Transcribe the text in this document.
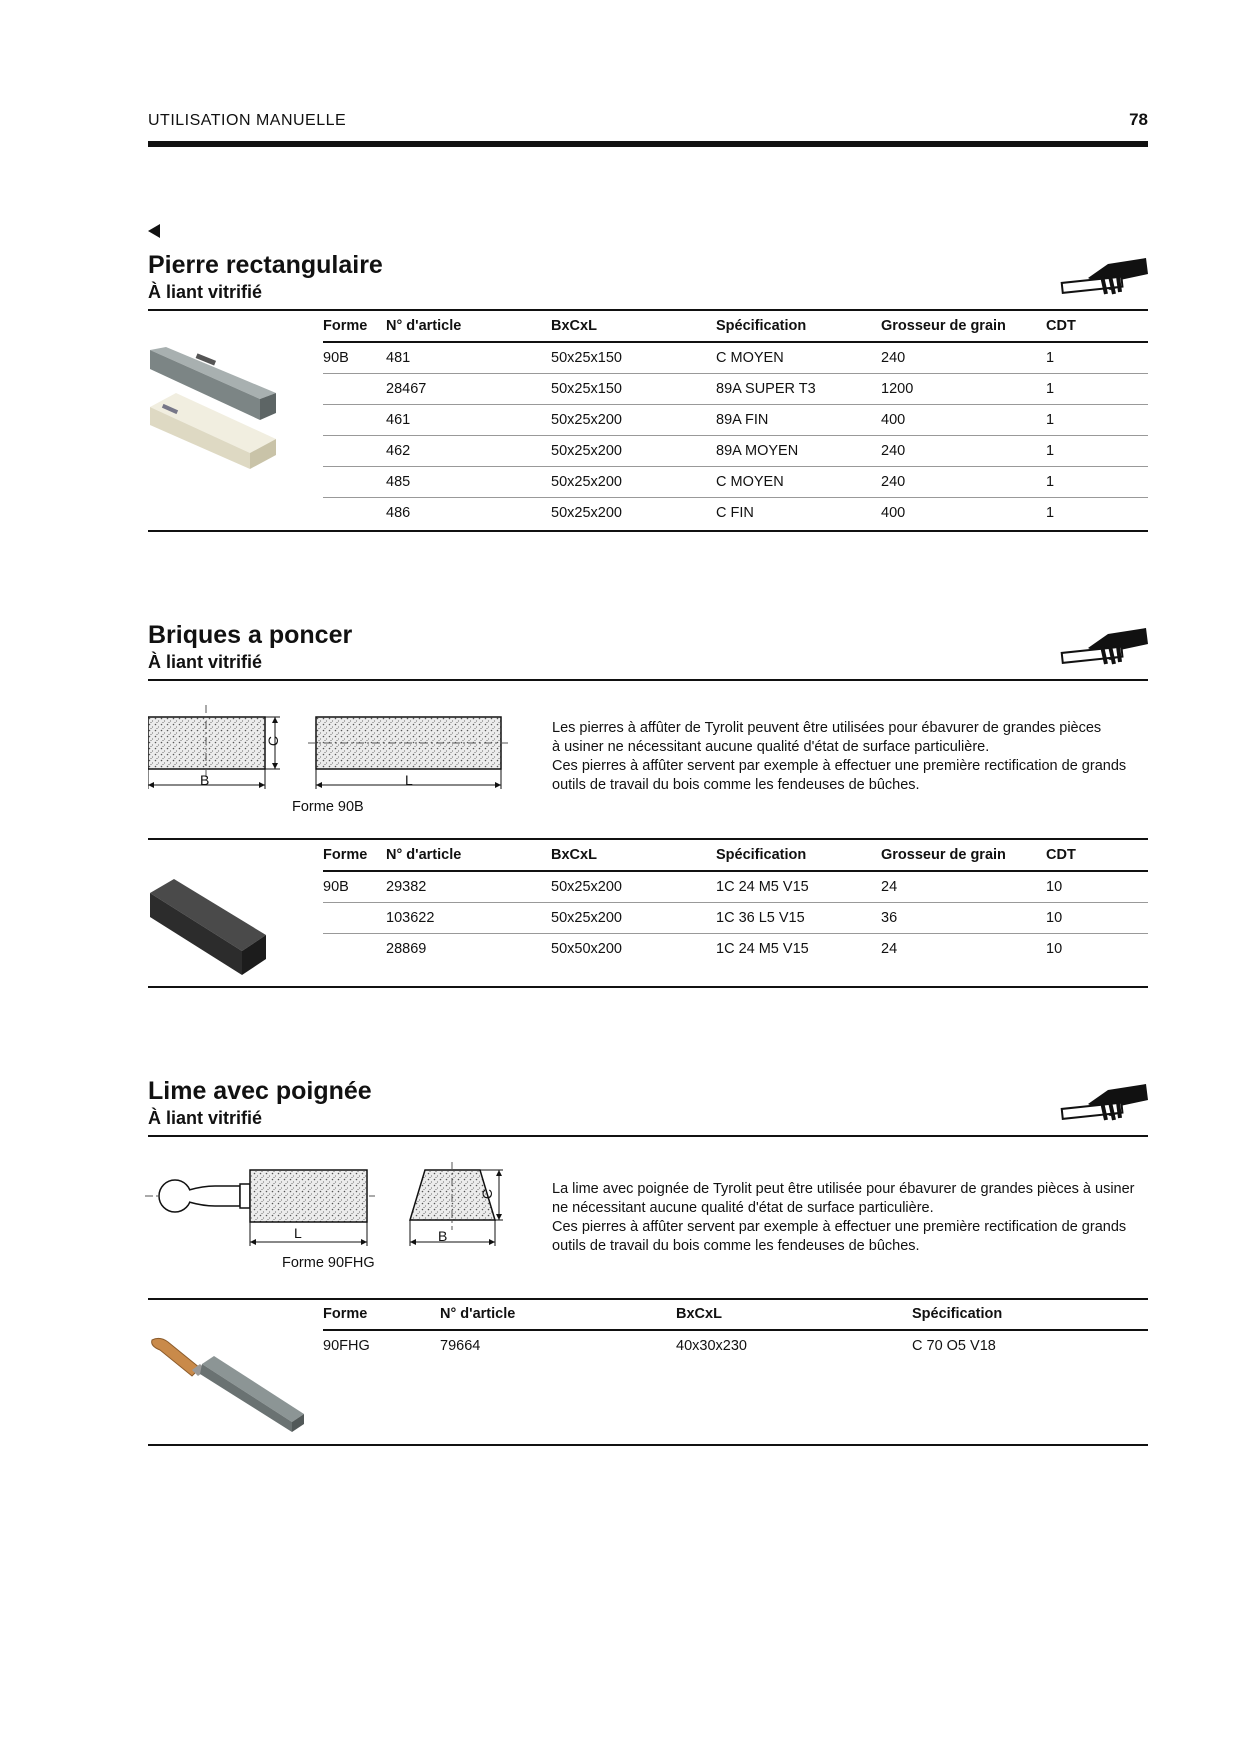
UTILISATION MANUELLE	78
Pierre rectangulaire
À liant vitrifié
Forme	N° d'article	BxCxL	Spécification	Grosseur de grain	CDT
90B	481	50x25x150	C MOYEN	240	1
	28467	50x25x150	89A SUPER T3	1200	1
	461	50x25x200	89A FIN	400	1
	462	50x25x200	89A MOYEN	240	1
	485	50x25x200	C MOYEN	240	1
	486	50x25x200	C FIN	400	1
Briques a poncer
À liant vitrifié
C
B	L
Forme 90B
Les pierres à affûter de Tyrolit peuvent être utilisées pour ébavurer de grandes pièces
à usiner ne nécessitant aucune qualité d'état de surface particulière.
Ces pierres à affûter servent par exemple à effectuer une première rectification de grands
outils de travail du bois comme les fendeuses de bûches.
Forme	N° d'article	BxCxL	Spécification	Grosseur de grain	CDT
90B	29382	50x25x200	1C 24 M5 V15	24	10
	103622	50x25x200	1C 36 L5 V15	36	10
	28869	50x50x200	1C 24 M5 V15	24	10
Lime avec poignée
À liant vitrifié
L	B
C
Forme 90FHG
La lime avec poignée de Tyrolit peut être utilisée pour ébavurer de grandes pièces à usiner
ne nécessitant aucune qualité d'état de surface particulière.
Ces pierres à affûter servent par exemple à effectuer une première rectification de grands
outils de travail du bois comme les fendeuses de bûches.
Forme	N° d'article	BxCxL	Spécification
90FHG	79664	40x30x230	C 70 O5 V18
